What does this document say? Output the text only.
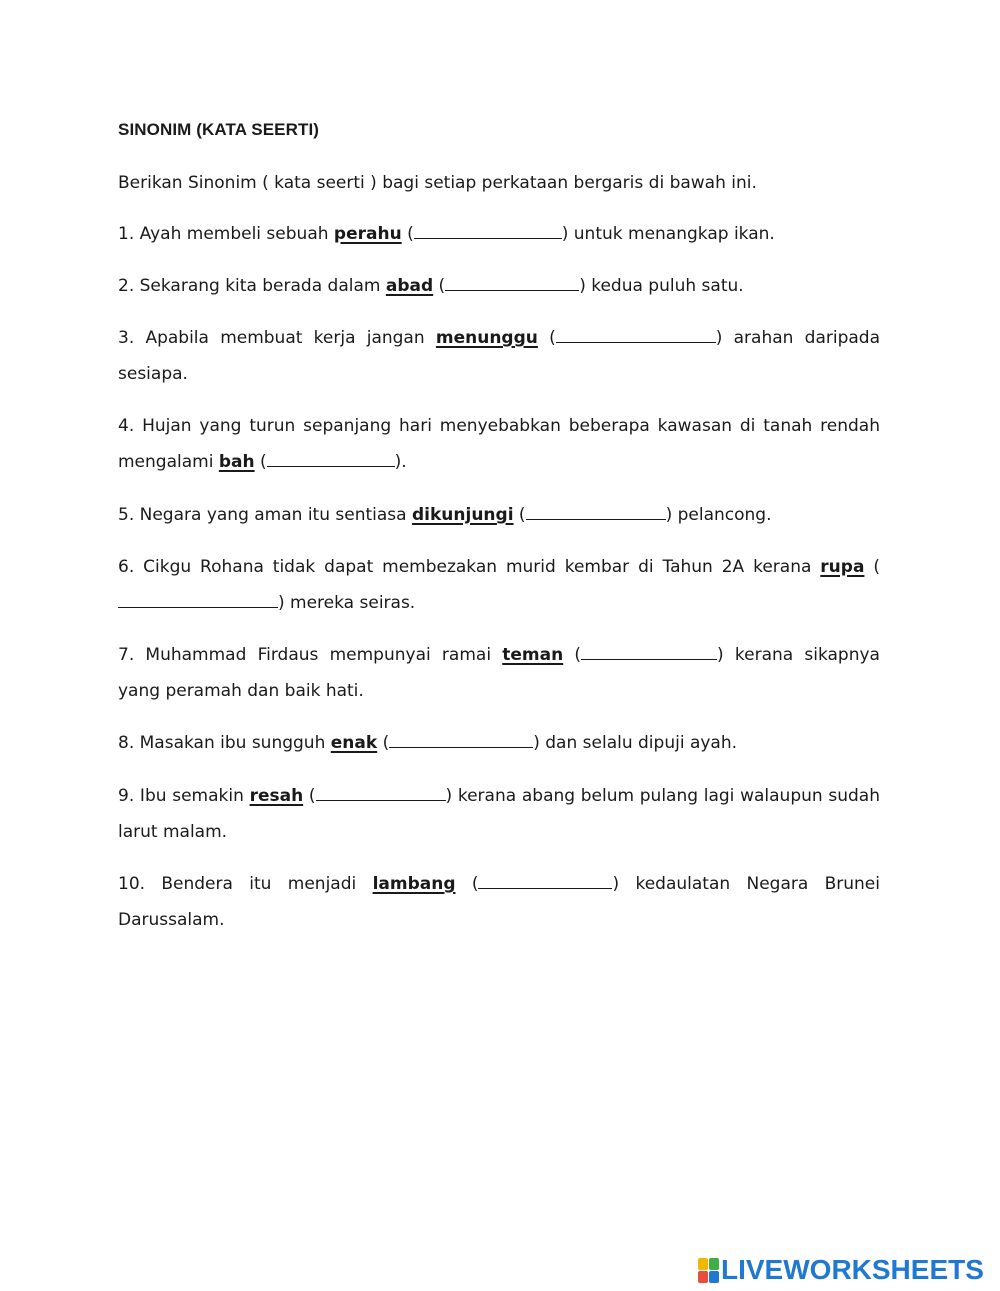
SINONIM (KATA SEERTI)
Berikan Sinonim ( kata seerti ) bagi setiap perkataan bergaris di bawah ini.
1. Ayah membeli sebuah perahu (	) untuk menangkap ikan.
2. Sekarang kita berada dalam abad (	) kedua puluh satu.
3. Apabila membuat kerja jangan menunggu (	) arahan daripada sesiapa.
4. Hujan yang turun sepanjang hari menyebabkan beberapa kawasan di tanah rendah mengalami bah (	).
5. Negara yang aman itu sentiasa dikunjungi (	) pelancong.
6. Cikgu Rohana tidak dapat membezakan murid kembar di Tahun 2A kerana rupa () mereka seiras.
7. Muhammad Firdaus mempunyai ramai teman (	) kerana sikapnya yang peramah dan baik hati.
8. Masakan ibu sungguh enak (	) dan selalu dipuji ayah.
9. Ibu semakin resah (	) kerana abang belum pulang lagi walaupun sudah larut malam.
10. Bendera itu menjadi lambang (	) kedaulatan Negara Brunei Darussalam.
LIVEWORKSHEETS
